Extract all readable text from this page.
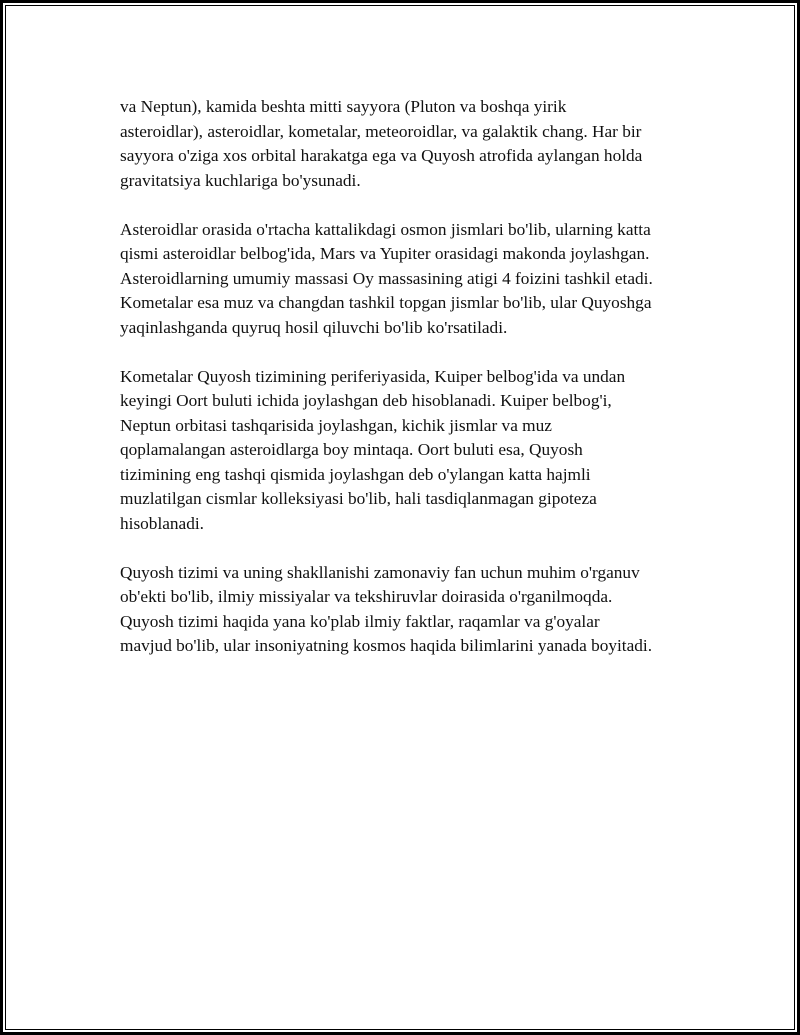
va Neptun), kamida beshta mitti sayyora (Pluton va boshqa yirik
asteroidlar), asteroidlar, kometalar, meteoroidlar, va galaktik chang. Har bir
sayyora o'ziga xos orbital harakatga ega va Quyosh atrofida aylangan holda
gravitatsiya kuchlariga bo'ysunadi.

Asteroidlar orasida o'rtacha kattalikdagi osmon jismlari bo'lib, ularning katta
qismi asteroidlar belbog'ida, Mars va Yupiter orasidagi makonda joylashgan.
Asteroidlarning umumiy massasi Oy massasining atigi 4 foizini tashkil etadi.
Kometalar esa muz va changdan tashkil topgan jismlar bo'lib, ular Quyoshga
yaqinlashganda quyruq hosil qiluvchi bo'lib ko'rsatiladi.

Kometalar Quyosh tizimining periferiyasida, Kuiper belbog'ida va undan
keyingi Oort buluti ichida joylashgan deb hisoblanadi. Kuiper belbog'i,
Neptun orbitasi tashqarisida joylashgan, kichik jismlar va muz
qoplamalangan asteroidlarga boy mintaqa. Oort buluti esa, Quyosh
tizimining eng tashqi qismida joylashgan deb o'ylangan katta hajmli
muzlatilgan cismlar kolleksiyasi bo'lib, hali tasdiqlanmagan gipoteza
hisoblanadi.

Quyosh tizimi va uning shakllanishi zamonaviy fan uchun muhim o'rganuv
ob'ekti bo'lib, ilmiy missiyalar va tekshiruvlar doirasida o'rganilmoqda.
Quyosh tizimi haqida yana ko'plab ilmiy faktlar, raqamlar va g'oyalar
mavjud bo'lib, ular insoniyatning kosmos haqida bilimlarini yanada boyitadi.
